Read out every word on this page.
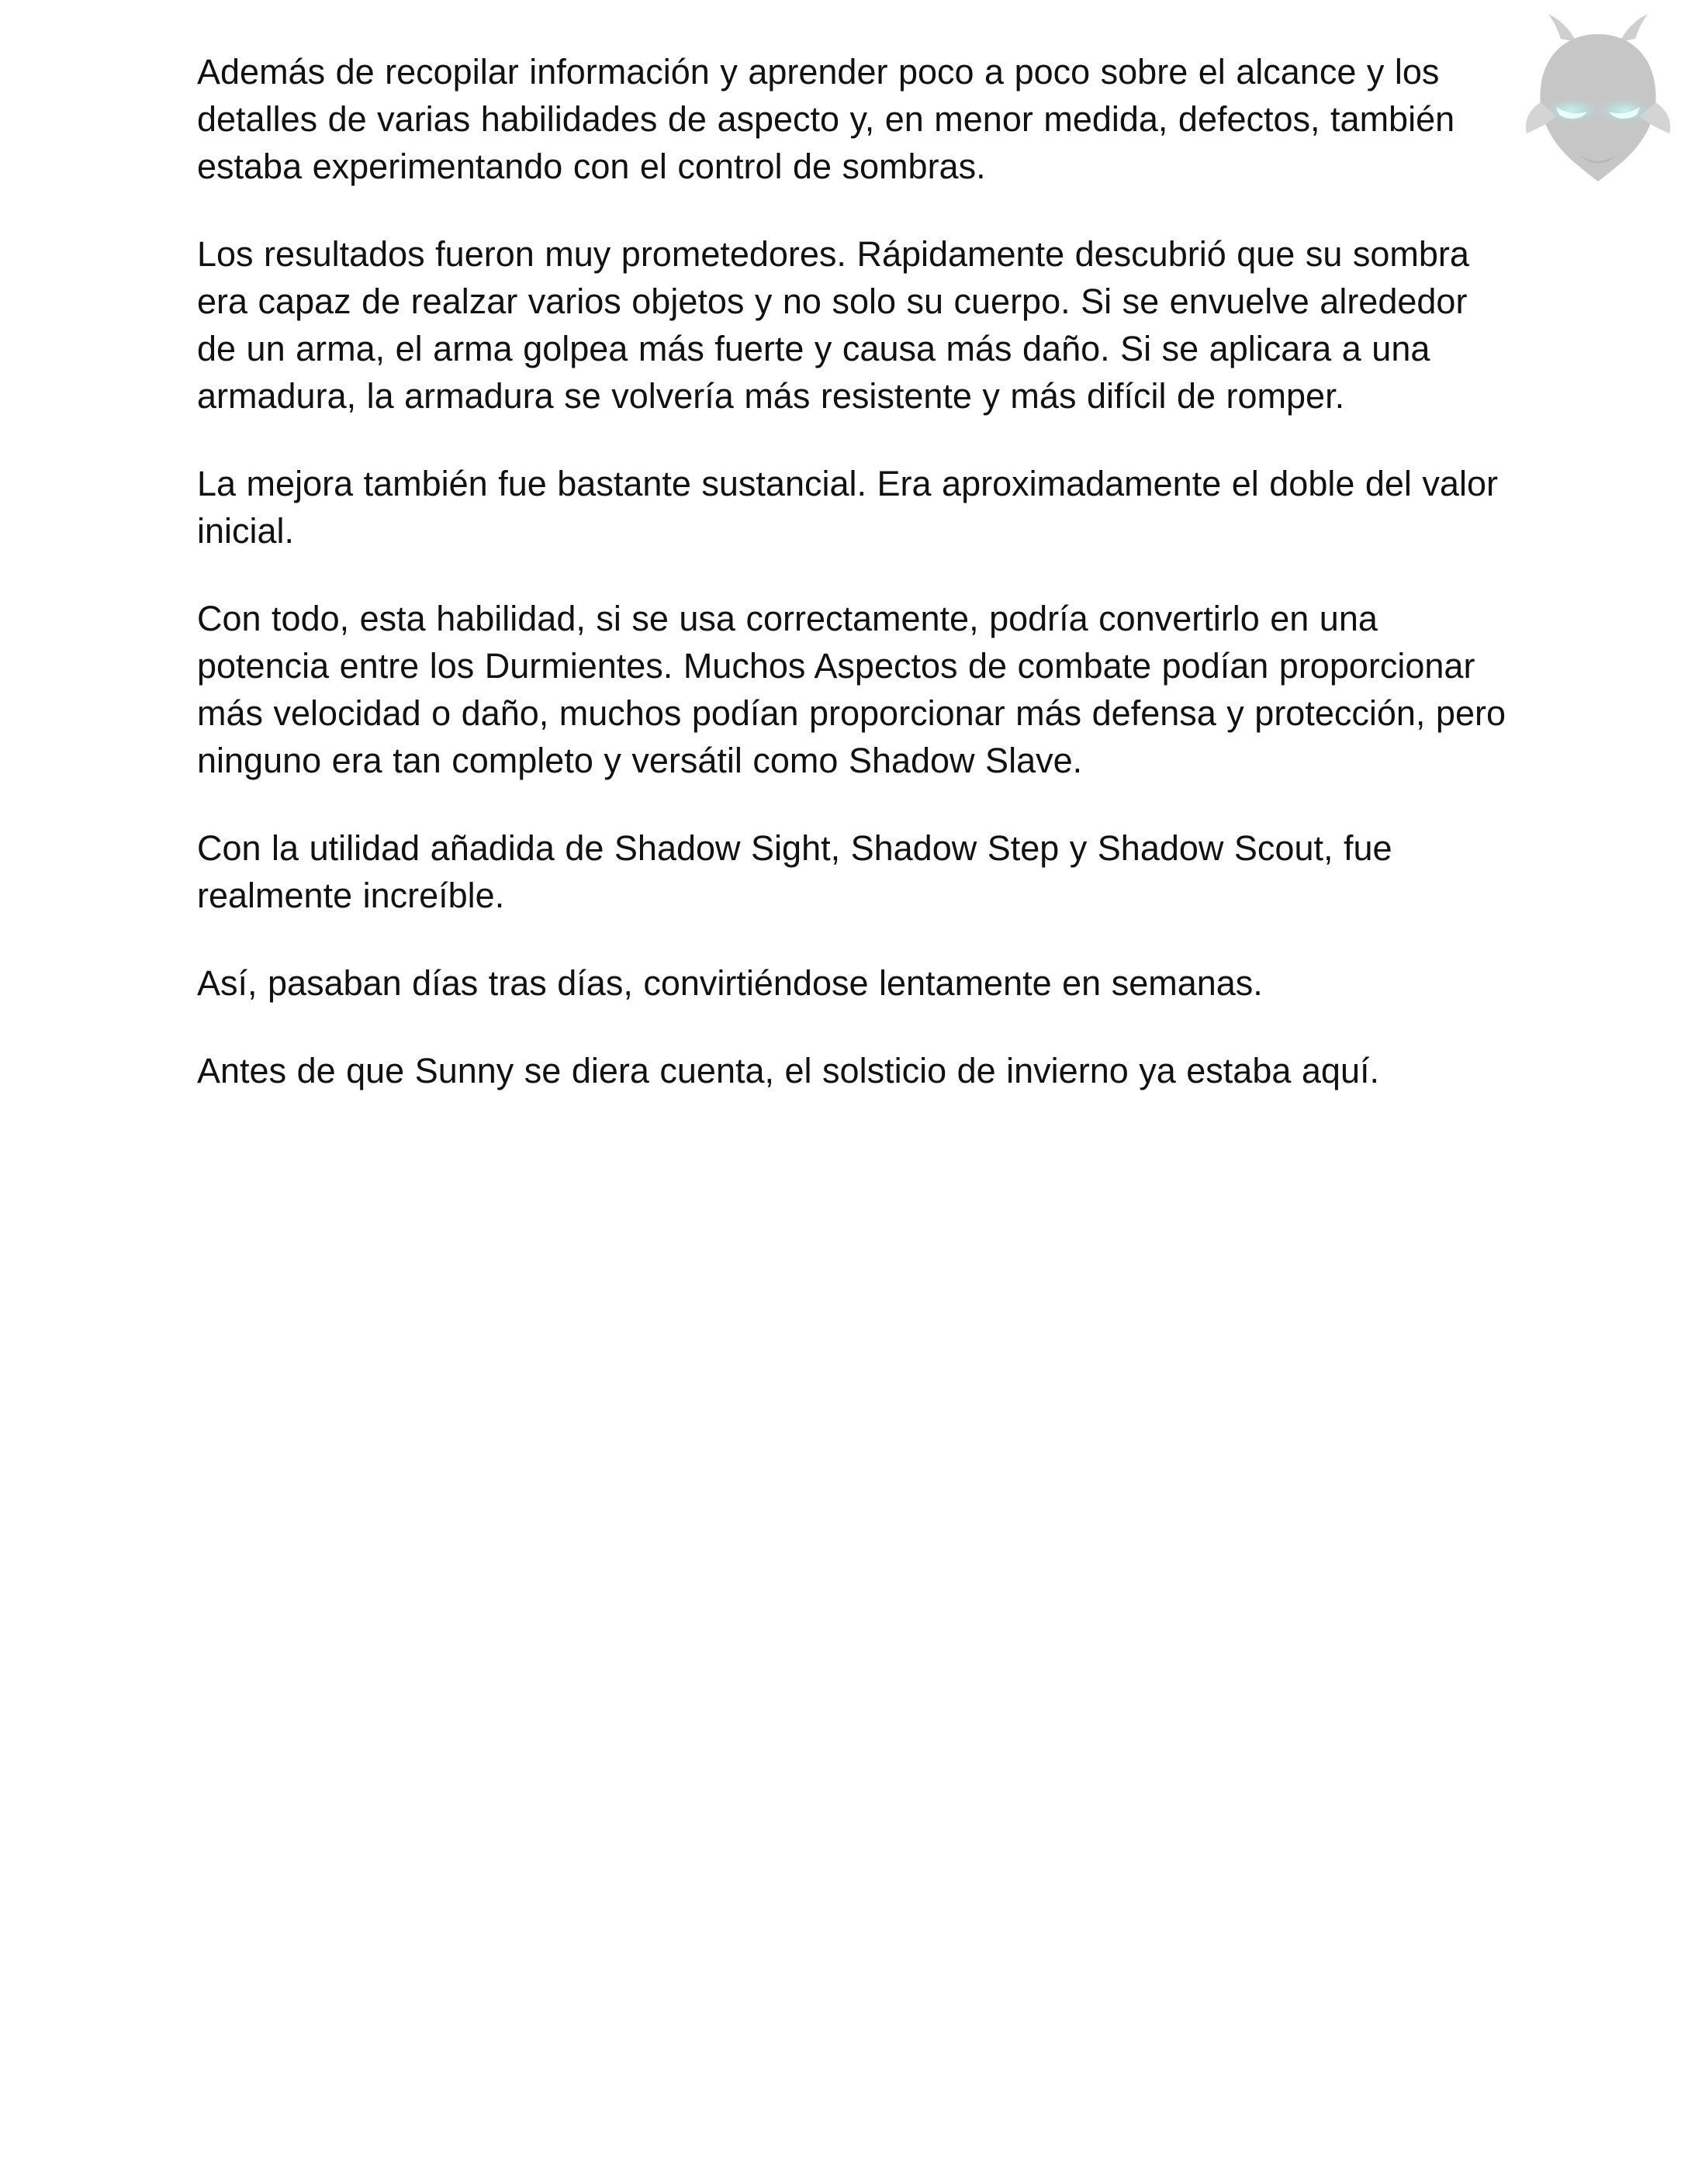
Además de recopilar información y aprender poco a poco sobre el alcance y los detalles de varias habilidades de aspecto y, en menor medida, defectos, también estaba experimentando con el control de sombras.

Los resultados fueron muy prometedores. Rápidamente descubrió que su sombra era capaz de realzar varios objetos y no solo su cuerpo. Si se envuelve alrededor de un arma, el arma golpea más fuerte y causa más daño. Si se aplicara a una armadura, la armadura se volvería más resistente y más difícil de romper.

La mejora también fue bastante sustancial. Era aproximadamente el doble del valor inicial.

Con todo, esta habilidad, si se usa correctamente, podría convertirlo en una potencia entre los Durmientes. Muchos Aspectos de combate podían proporcionar más velocidad o daño, muchos podían proporcionar más defensa y protección, pero ninguno era tan completo y versátil como Shadow Slave.

Con la utilidad añadida de Shadow Sight, Shadow Step y Shadow Scout, fue realmente increíble.

Así, pasaban días tras días, convirtiéndose lentamente en semanas.

Antes de que Sunny se diera cuenta, el solsticio de invierno ya estaba aquí.
